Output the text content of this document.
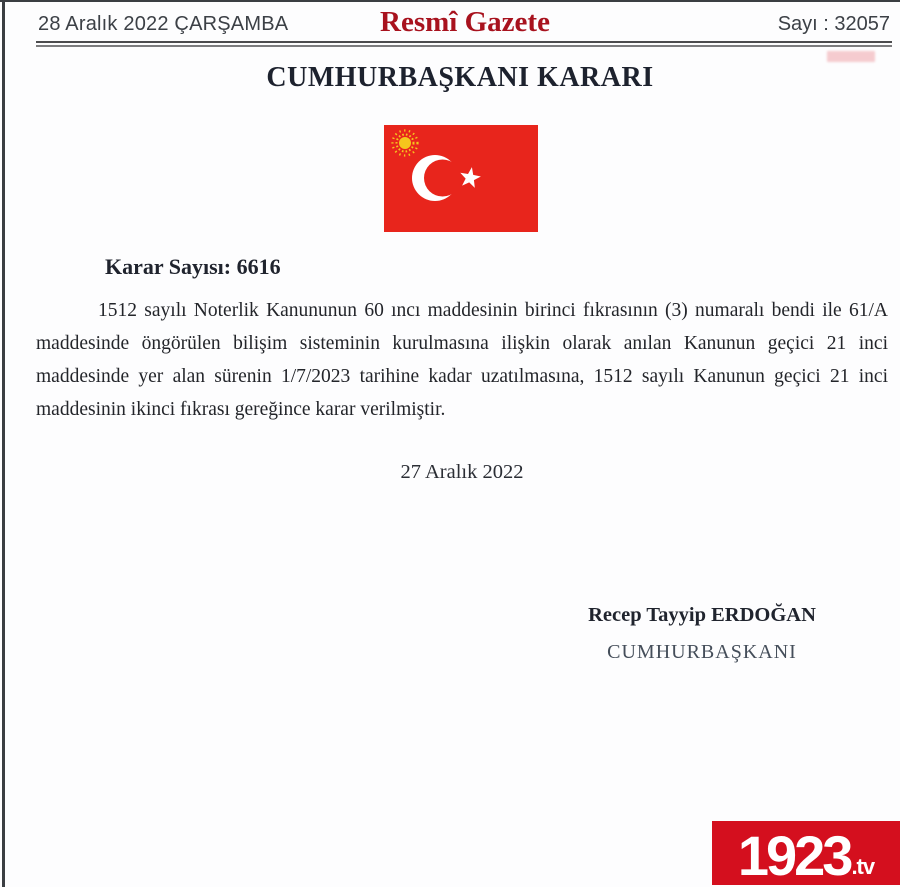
28 Aralık 2022 ÇARŞAMBA	Resmî Gazete	Sayı : 32057
CUMHURBAŞKANI KARARI
Karar Sayısı: 6616

1512 sayılı Noterlik Kanununun 60 ıncı maddesinin birinci fıkrasının (3) numaralı bendi ile 61/A maddesinde öngörülen bilişim sisteminin kurulmasına ilişkin olarak anılan Kanunun geçici 21 inci maddesinde yer alan sürenin 1/7/2023 tarihine kadar uzatılmasına, 1512 sayılı Kanunun geçici 21 inci maddesinin ikinci fıkrası gereğince karar verilmiştir.

27 Aralık 2022

Recep Tayyip ERDOĞAN

CUMHURBAŞKANI

1923 .tv
